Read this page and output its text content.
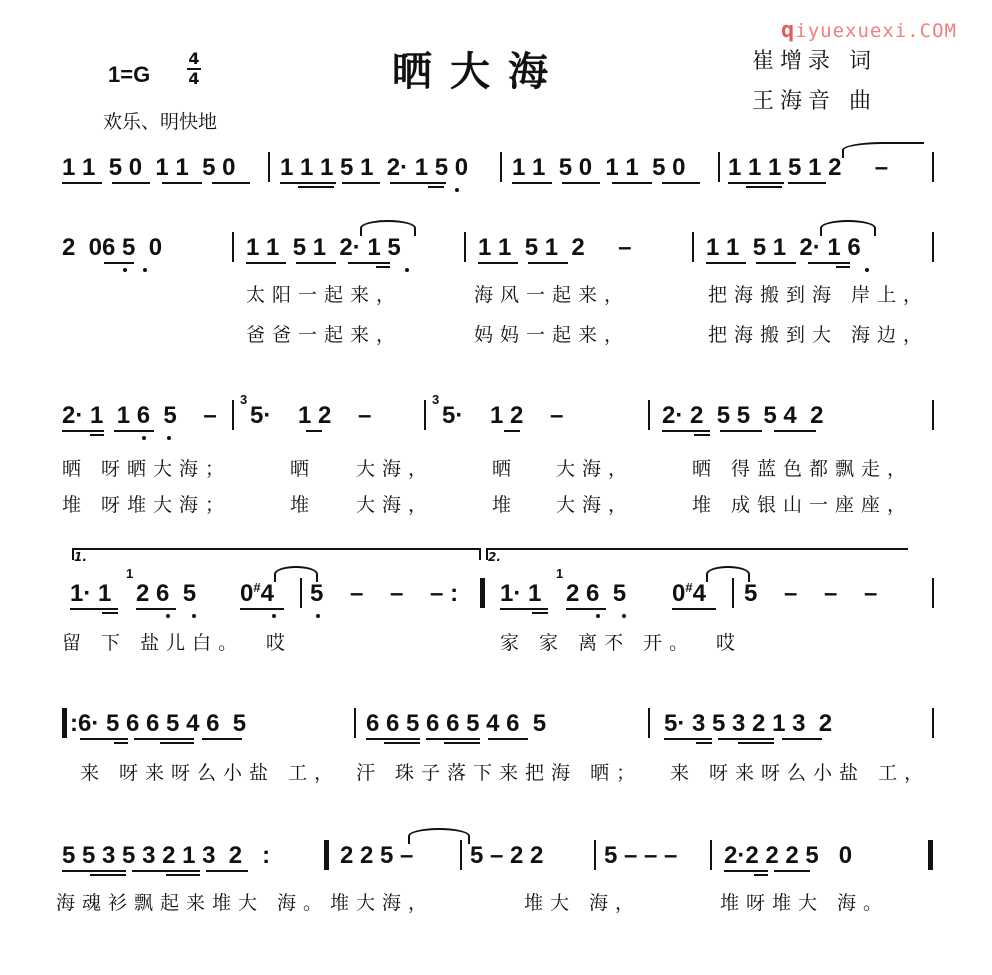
1=G
4
4
欢乐、明快地
晒大海
qiyuexuexi.COM
崔增录 词
王海音 曲
1 1  5 0  1 1  5 0 1 1 1 5 1  2· 1 5 0 1 1  5 0  1 1  5 0 1 1 1 5 1 2     –
2  06 5  0	1 1  5 1  2· 1 5	1 1  5 1  2     –	1 1  5 1  2· 1 6
太阳一起来，	海风一起来，	把海搬到海 岸上，
爸爸一起来，	妈妈一起来，	把海搬到大 海边，
2· 1  1 6  5    –
3
5·    1 2    –
3
5·    1 2    –	2· 2  5 5  5 4  2
晒 呀晒大海；	晒 大海，	晒 大海，	晒 得蓝色都飘走，
堆 呀堆大海；	堆 大海，	堆 大海，	堆 成银山一座座，
1.	2.
1· 1
1
2 6  5 0#4 5    –    –    – : 1· 1
1
2 6  5 0#4 5    –    –    –
留 下 盐儿白。 哎	家 家 离不 开。 哎
:6· 5 6 6 5 4 6  5	6 6 5 6 6 5 4 6  5	5· 3 5 3 2 1 3  2
来 呀来呀么小盐 工， 汗 珠子落下来把海 晒； 来 呀来呀么小盐 工，
5 5 3 5 3 2 1 3  2   :	2 2 5 – 5 – 2 2	5 – – – 2·2 2 2 5   0
海魂衫飘起来堆大 海。 堆大海，	堆大 海，	堆呀堆大 海。
